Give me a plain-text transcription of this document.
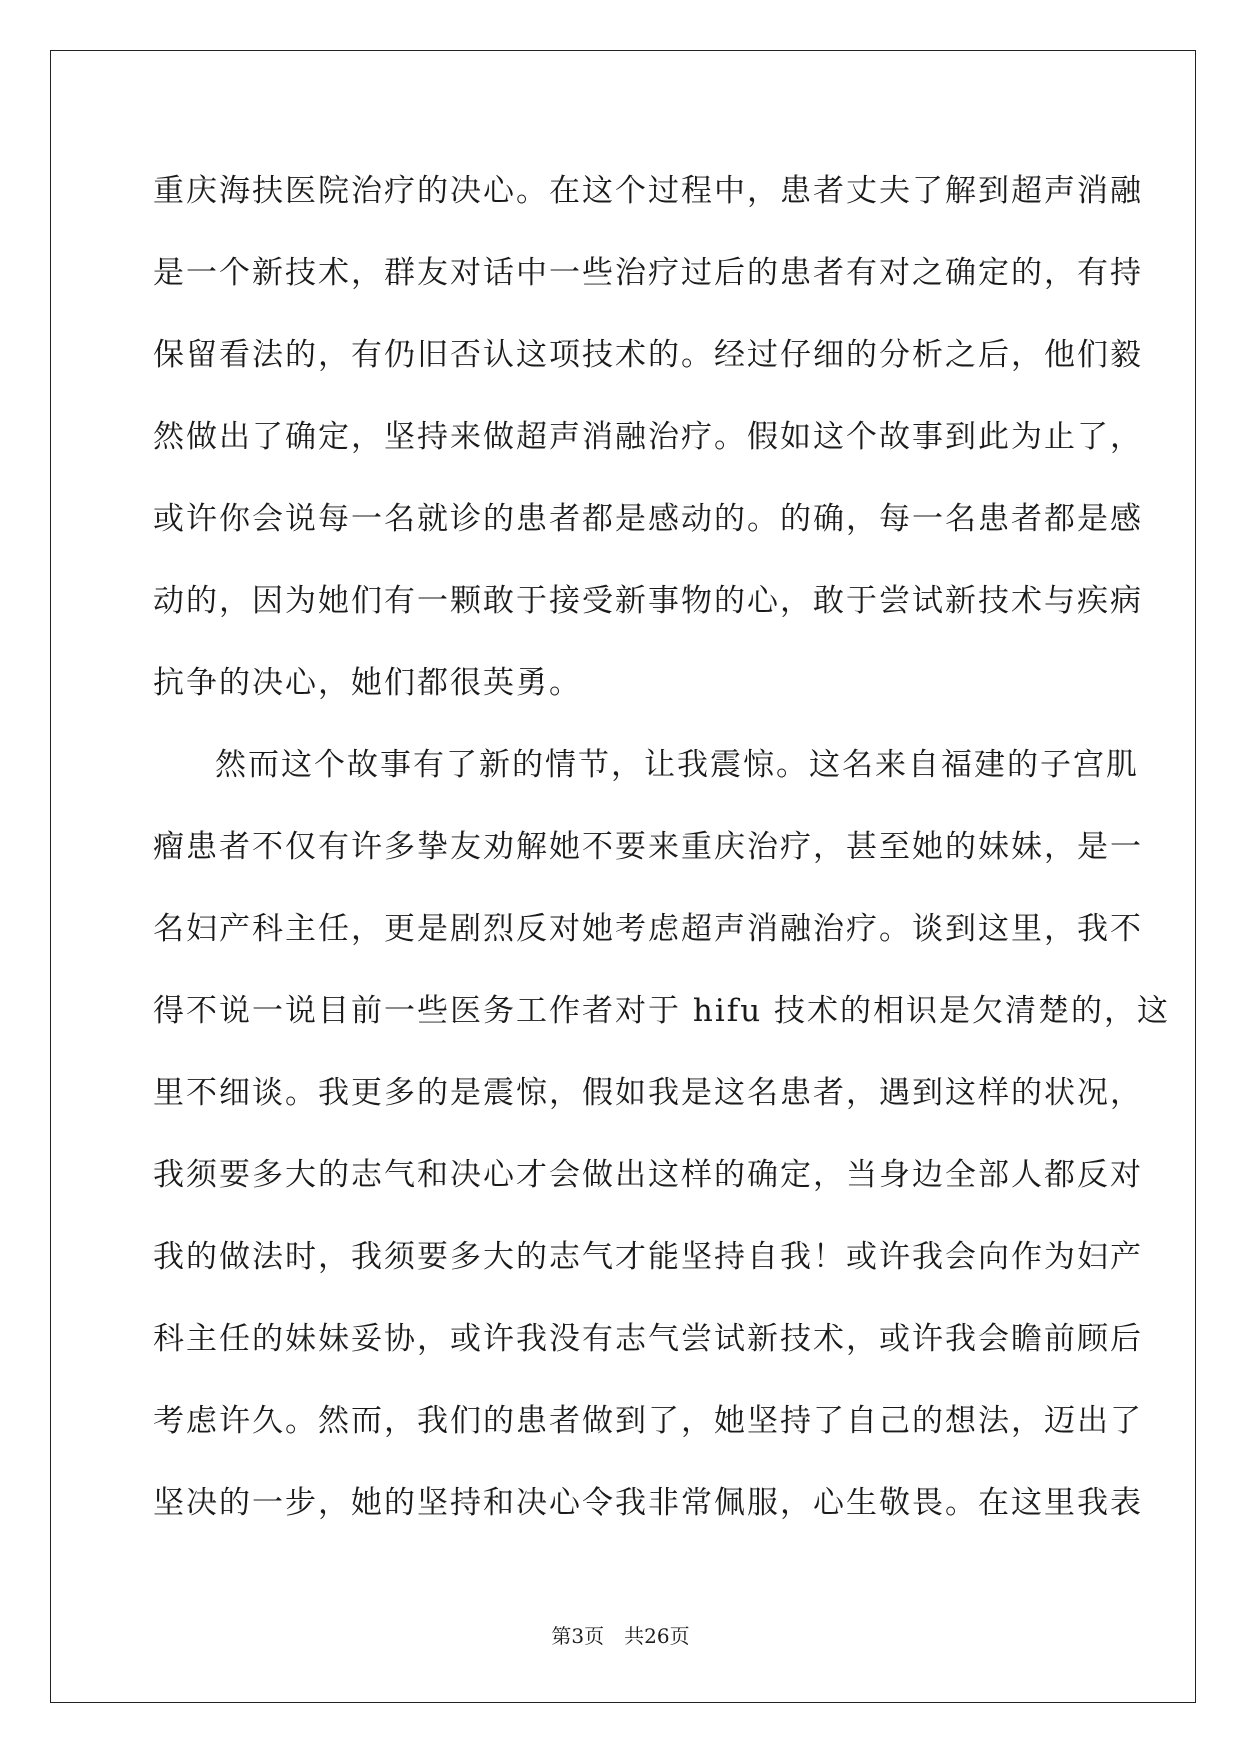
重庆海扶医院治疗的决心。在这个过程中，患者丈夫了解到超声消融
是一个新技术，群友对话中一些治疗过后的患者有对之确定的，有持
保留看法的，有仍旧否认这项技术的。经过仔细的分析之后，他们毅
然做出了确定，坚持来做超声消融治疗。假如这个故事到此为止了，
或许你会说每一名就诊的患者都是感动的。的确，每一名患者都是感
动的，因为她们有一颗敢于接受新事物的心，敢于尝试新技术与疾病
抗争的决心，她们都很英勇。
然而这个故事有了新的情节，让我震惊。这名来自福建的子宫肌
瘤患者不仅有许多挚友劝解她不要来重庆治疗，甚至她的妹妹，是一
名妇产科主任，更是剧烈反对她考虑超声消融治疗。谈到这里，我不
得不说一说目前一些医务工作者对于 hifu 技术的相识是欠清楚的，这
里不细谈。我更多的是震惊，假如我是这名患者，遇到这样的状况，
我须要多大的志气和决心才会做出这样的确定，当身边全部人都反对
我的做法时，我须要多大的志气才能坚持自我！或许我会向作为妇产
科主任的妹妹妥协，或许我没有志气尝试新技术，或许我会瞻前顾后
考虑许久。然而，我们的患者做到了，她坚持了自己的想法，迈出了
坚决的一步，她的坚持和决心令我非常佩服，心生敬畏。在这里我表
第3页 共26页
